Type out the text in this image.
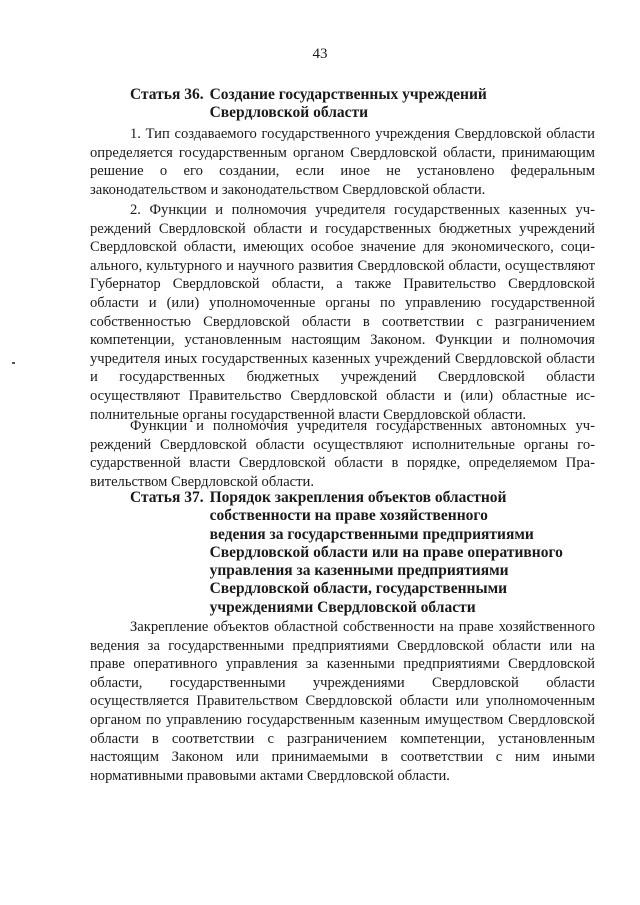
43
Статья 36. Создание государственных учреждений
Свердловской области

1. Тип создаваемого государственного учреждения Свердловской области определяется государственным органом Свердловской области, принимающим решение о его создании, если иное не установлено федеральным законодательством и законодательством Свердловской области.

2. Функции и полномочия учредителя государственных казенных учреждений Свердловской области и государственных бюджетных учреждений Свердловской области, имеющих особое значение для экономического, социального, культурного и научного развития Свердловской области, осуществляют Губернатор Свердловской области, а также Правительство Свердловской области и (или) уполномоченные органы по управлению государственной собственностью Свердловской области в соответствии с разграничением компетенции, установленным настоящим Законом. Функции и полномочия учредителя иных государственных казенных учреждений Свердловской области и государственных бюджетных учреждений Свердловской области осуществляют Правительство Свердловской области и (или) областные исполнительные органы государственной власти Свердловской области.

Функции и полномочия учредителя государственных автономных учреждений Свердловской области осуществляют исполнительные органы государственной власти Свердловской области в порядке, определяемом Правительством Свердловской области.

Статья 37. Порядок закрепления объектов областной
собственности на праве хозяйственного
ведения за государственными предприятиями
Свердловской области или на праве оперативного
управления за казенными предприятиями
Свердловской области, государственными
учреждениями Свердловской области

Закрепление объектов областной собственности на праве хозяйственного ведения за государственными предприятиями Свердловской области или на праве оперативного управления за казенными предприятиями Свердловской области, государственными учреждениями Свердловской области осуществляется Правительством Свердловской области или уполномоченным органом по управлению государственным казенным имуществом Свердловской области в соответствии с разграничением компетенции, установленным настоящим Законом или принимаемыми в соответствии с ним иными нормативными правовыми актами Свердловской области.
